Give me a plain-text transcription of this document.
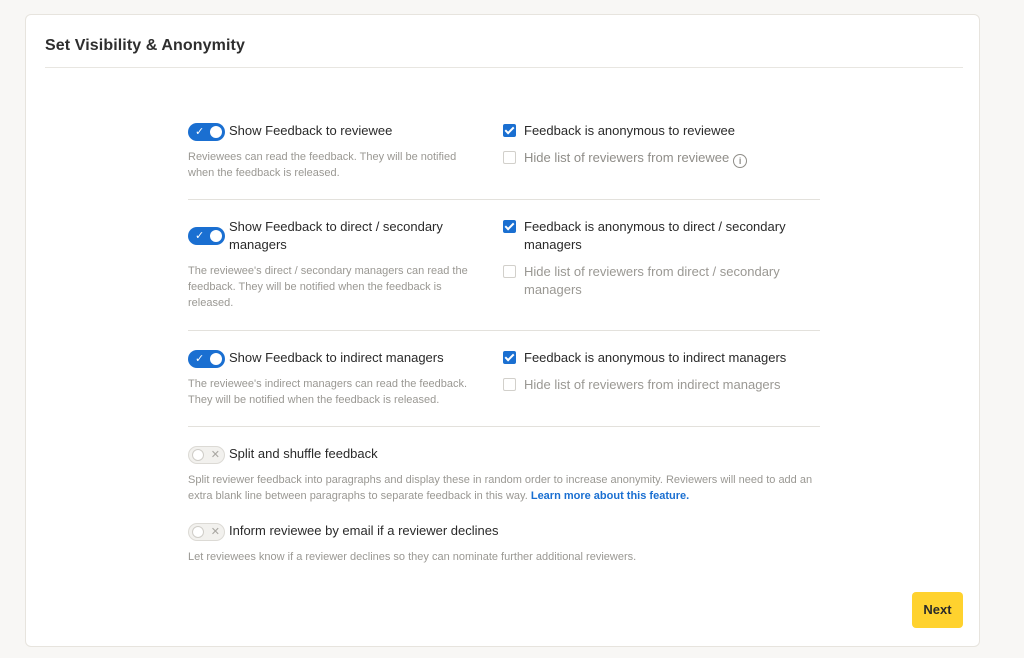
Set Visibility & Anonymity
✓ Show Feedback to reviewee
Reviewees can read the feedback. They will be notified when the feedback is released.
Feedback is anonymous to reviewee
Hide list of reviewers from reviewee i
✓
Show Feedback to direct / secondary managers
The reviewee's direct / secondary managers can read the feedback. They will be notified when the feedback is released.
Feedback is anonymous to direct / secondary managers
Hide list of reviewers from direct / secondary managers
✓ Show Feedback to indirect managers
The reviewee's indirect managers can read the feedback. They will be notified when the feedback is released.
Feedback is anonymous to indirect managers
Hide list of reviewers from indirect managers
✕ Split and shuffle feedback
Split reviewer feedback into paragraphs and display these in random order to increase anonymity. Reviewers will need to add an extra blank line between paragraphs to separate feedback in this way. Learn more about this feature.
✕ Inform reviewee by email if a reviewer declines
Let reviewees know if a reviewer declines so they can nominate further additional reviewers.
Next
